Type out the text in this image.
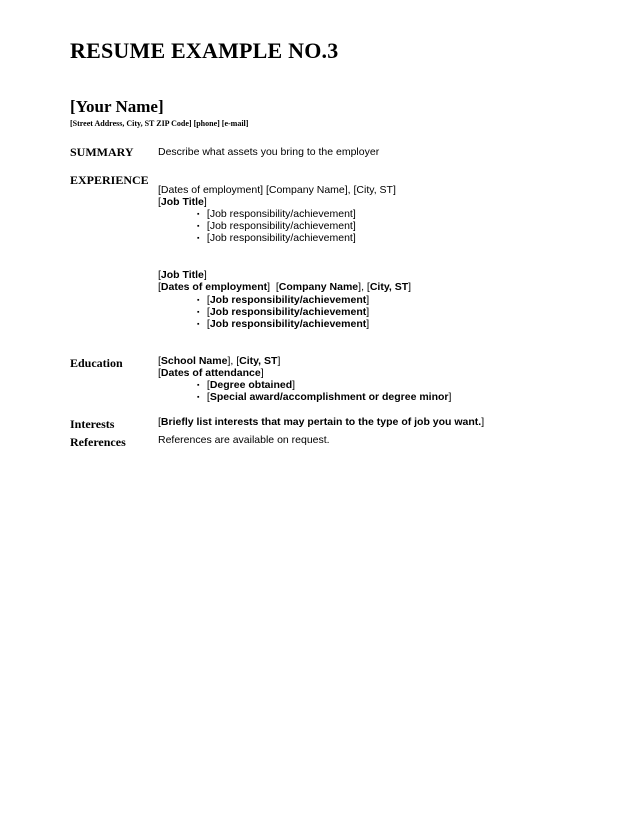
RESUME EXAMPLE NO.3
[Your Name]
[Street Address, City, ST ZIP Code] [phone] [e-mail]
SUMMARY Describe what assets you bring to the employer
EXPERIENCE
[Dates of employment] [Company Name], [City, ST]
[Job Title]
▪ [Job responsibility/achievement]
▪ [Job responsibility/achievement]
▪ [Job responsibility/achievement]
[Job Title]
[Dates of employment]  [Company Name], [City, ST]
▪ [Job responsibility/achievement]
▪ [Job responsibility/achievement]
▪ [Job responsibility/achievement]
Education	[School Name], [City, ST]
[Dates of attendance]
▪ [Degree obtained]
▪ [Special award/accomplishment or degree minor]
Interests	[Briefly list interests that may pertain to the type of job you want.]
References	References are available on request.
